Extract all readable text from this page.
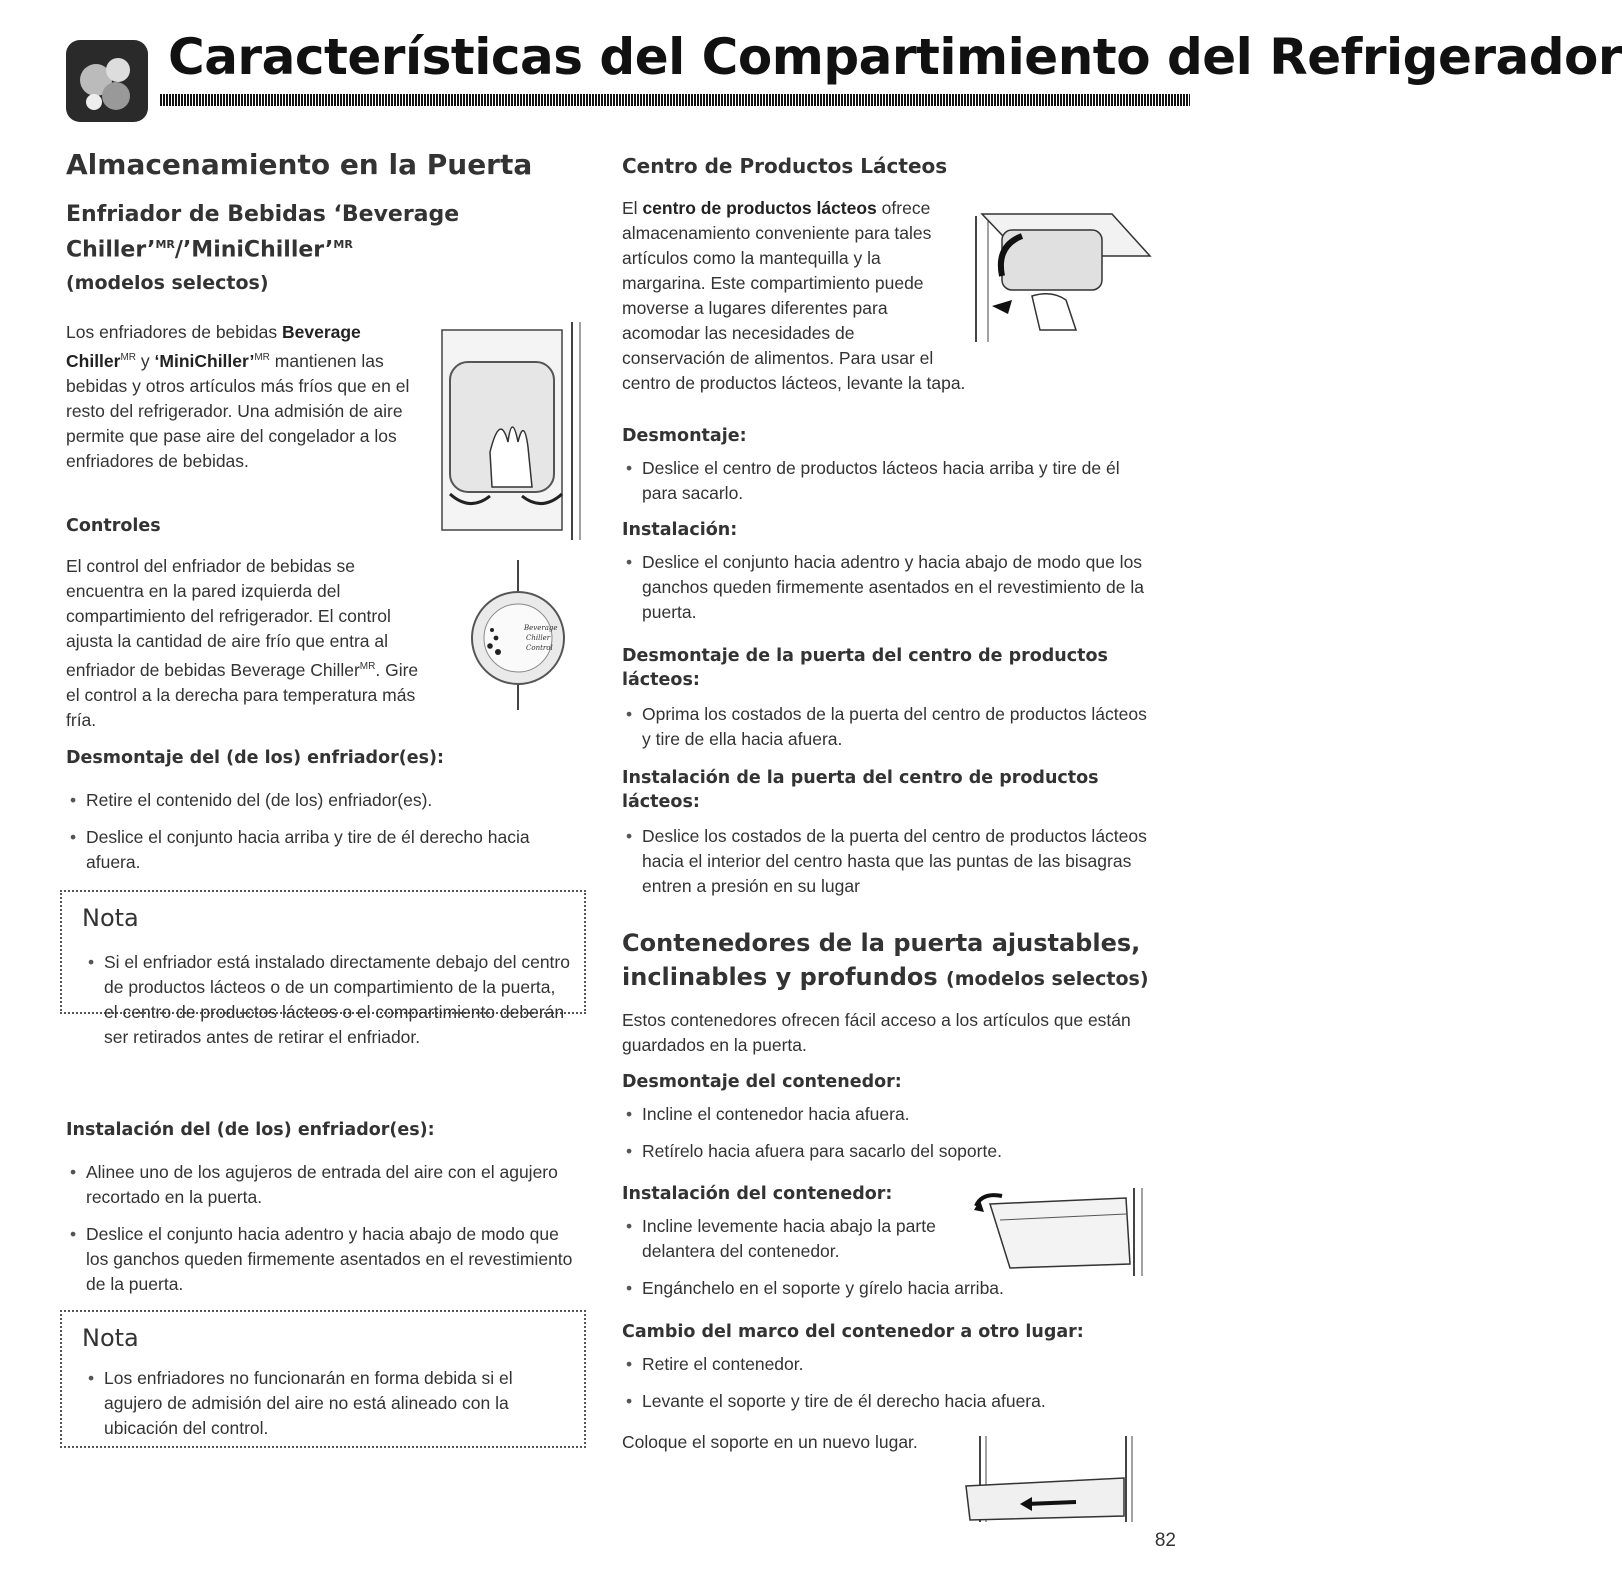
Características del Compartimiento del Refrigerador
Almacenamiento en la Puerta
Enfriador de Bebidas ‘Beverage
Chiller’$^{MR}$/’MiniChiller’$^{MR}$
(modelos selectos)
Los enfriadores de bebidas Beverage Chiller$^{MR}$ y ‘MiniChiller’$^{MR}$ mantienen las bebidas y otros artículos más fríos que en el resto del refrigerador. Una admisión de aire permite que pase aire del congelador a los enfriadores de bebidas.
Controles
El control del enfriador de bebidas se encuentra en la pared izquierda del compartimiento del refrigerador. El control ajusta la cantidad de aire frío que entra al enfriador de bebidas Beverage Chiller$^{MR}$. Gire el control a la derecha para temperatura más fría.
Beverage
Chiller
Control
Desmontaje del (de los) enfriador(es):
• Retire el contenido del (de los) enfriador(es).
• Deslice el conjunto hacia arriba y tire de él derecho hacia afuera.
Nota
• Si el enfriador está instalado directamente debajo del centro de productos lácteos o de un compartimiento de la puerta, el centro de productos lácteos o el compartimiento deberán ser retirados antes de retirar el enfriador.
Instalación del (de los) enfriador(es):
• Alinee uno de los agujeros de entrada del aire con el agujero recortado en la puerta.
• Deslice el conjunto hacia adentro y hacia abajo de modo que los ganchos queden firmemente asentados en el revestimiento de la puerta.
Nota
• Los enfriadores no funcionarán en forma debida si el agujero de admisión del aire no está alineado con la ubicación del control.
Centro de Productos Lácteos
El centro de productos lácteos ofrece almacenamiento conveniente para tales artículos como la mantequilla y la margarina. Este compartimiento puede moverse a lugares diferentes para acomodar las necesidades de conservación de alimentos. Para usar el centro de productos lácteos, levante la tapa.
Desmontaje:
• Deslice el centro de productos lácteos hacia arriba y tire de él para sacarlo.
Instalación:
• Deslice el conjunto hacia adentro y hacia abajo de modo que los ganchos queden firmemente asentados en el revestimiento de la puerta.
Desmontaje de la puerta del centro de productos lácteos:
• Oprima los costados de la puerta del centro de productos lácteos y tire de ella hacia afuera.
Instalación de la puerta del centro de productos lácteos:
• Deslice los costados de la puerta del centro de productos lácteos hacia el interior del centro hasta que las puntas de las bisagras entren a presión en su lugar
Contenedores de la puerta ajustables, inclinables y profundos (modelos selectos)
Estos contenedores ofrecen fácil acceso a los artículos que están guardados en la puerta.
Desmontaje del contenedor:
• Incline el contenedor hacia afuera.
• Retírelo hacia afuera para sacarlo del soporte.
Instalación del contenedor:
• Incline levemente hacia abajo la parte delantera del contenedor.
• Engánchelo en el soporte y gírelo hacia arriba.
Cambio del marco del contenedor a otro lugar:
• Retire el contenedor.
• Levante el soporte y tire de él derecho hacia afuera.
Coloque el soporte en un nuevo lugar.
82
